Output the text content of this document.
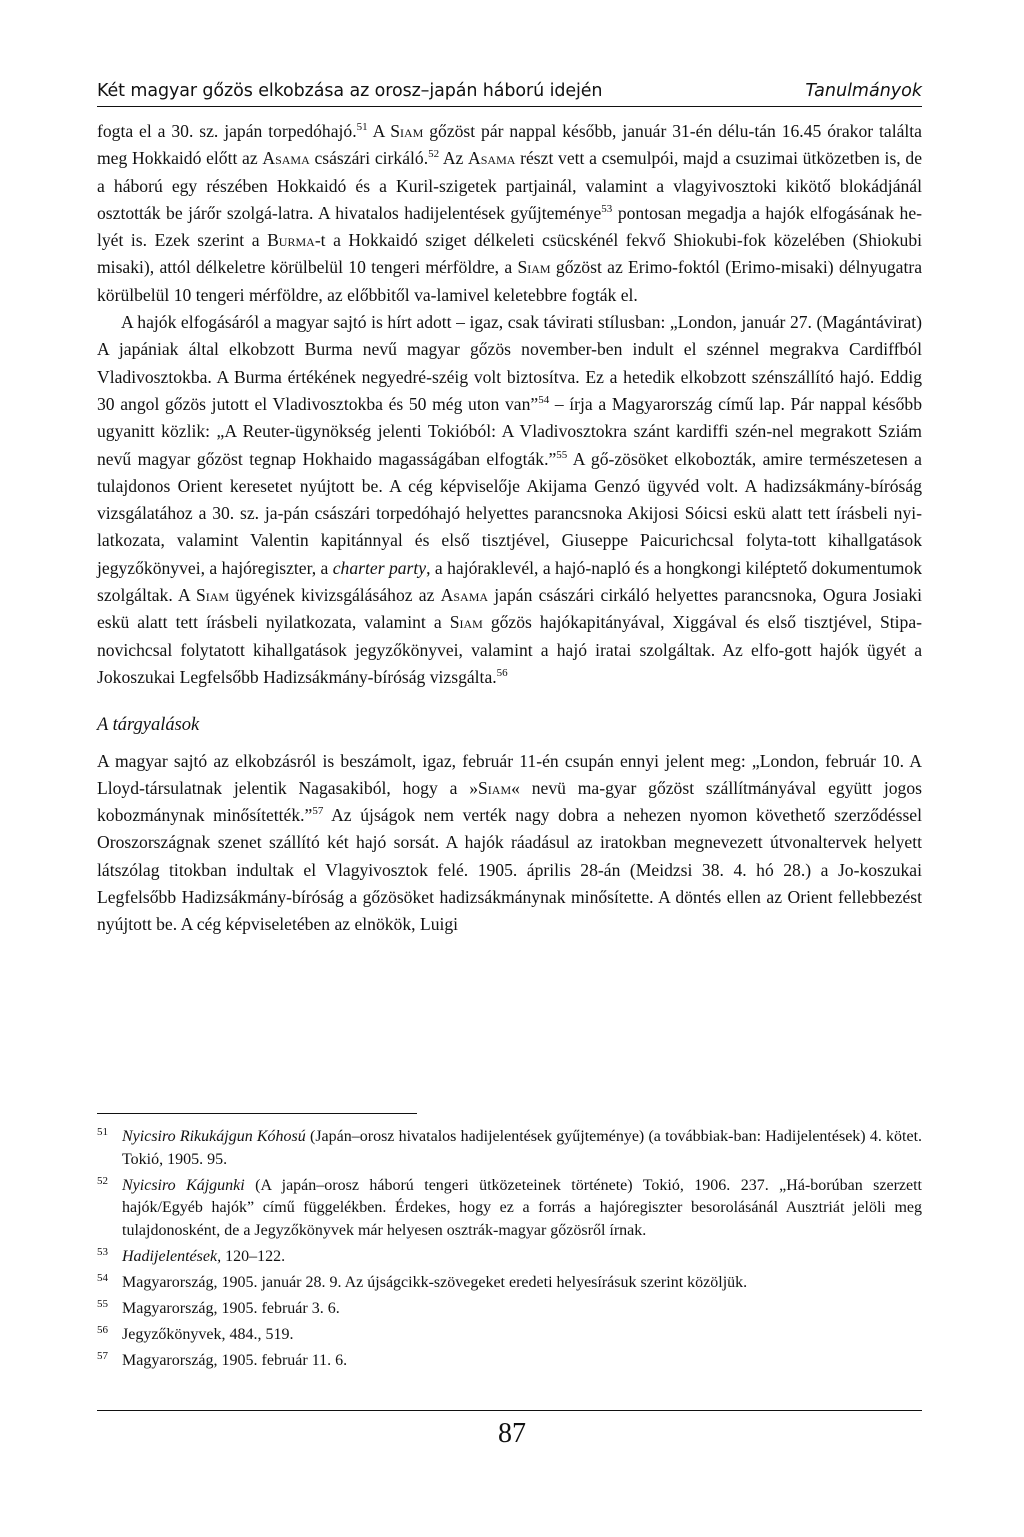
Két magyar gőzös elkobzása az orosz–japán háború idején	Tanulmányok

fogta el a 30. sz. japán torpedóhajó.$^{51}$ A Siam gőzöst pár nappal később, január 31-én délu-tán 16.45 órakor találta meg Hokkaidó előtt az Asama császári cirkáló.$^{52}$ Az Asama részt vett a csemulpói, majd a csuzimai ütközetben is, de a háború egy részében Hokkaidó és a Kuril-szigetek partjainál, valamint a vlagyivosztoki kikötő blokádjánál osztották be járőr szolgá-latra. A hivatalos hadijelentések gyűjteménye$^{53}$ pontosan megadja a hajók elfogásának he-lyét is. Ezek szerint a Burma-t a Hokkaidó sziget délkeleti csücskénél fekvő Shiokubi-fok közelében (Shiokubi misaki), attól délkeletre körülbelül 10 tengeri mérföldre, a Siam gőzöst az Erimo-foktól (Erimo-misaki) délnyugatra körülbelül 10 tengeri mérföldre, az előbbitől va-lamivel keletebbre fogták el.

A hajók elfogásáról a magyar sajtó is hírt adott – igaz, csak távirati stílusban: „London, január 27. (Magántávirat) A japániak által elkobzott Burma nevű magyar gőzös november-ben indult el szénnel megrakva Cardiffból Vladivosztokba. A Burma értékének negyedré-széig volt biztosítva. Ez a hetedik elkobzott szénszállító hajó. Eddig 30 angol gőzös jutott el Vladivosztokba és 50 még uton van”$^{54}$ – írja a Magyarország című lap. Pár nappal később ugyanitt közlik: „A Reuter-ügynökség jelenti Tokióból: A Vladivosztokra szánt kardiffi szén-nel megrakott Sziám nevű magyar gőzöst tegnap Hokhaido magasságában elfogták.”$^{55}$ A gő-zösöket elkobozták, amire természetesen a tulajdonos Orient keresetet nyújtott be. A cég képviselője Akijama Genzó ügyvéd volt. A hadizsákmány-bíróság vizsgálatához a 30. sz. ja-pán császári torpedóhajó helyettes parancsnoka Akijosi Sóicsi eskü alatt tett írásbeli nyi-latkozata, valamint Valentin kapitánnyal és első tisztjével, Giuseppe Paicurichcsal folyta-tott kihallgatások jegyzőkönyvei, a hajóregiszter, a charter party, a hajóraklevél, a hajó-napló és a hongkongi kiléptető dokumentumok szolgáltak. A Siam ügyének kivizsgálásához az Asama japán császári cirkáló helyettes parancsnoka, Ogura Josiaki eskü alatt tett írásbeli nyilatkozata, valamint a Siam gőzös hajókapitányával, Xiggával és első tisztjével, Stipa-novichcsal folytatott kihallgatások jegyzőkönyvei, valamint a hajó iratai szolgáltak. Az elfo-gott hajók ügyét a Jokoszukai Legfelsőbb Hadizsákmány-bíróság vizsgálta.$^{56}$

A tárgyalások

A magyar sajtó az elkobzásról is beszámolt, igaz, február 11-én csupán ennyi jelent meg: „London, február 10. A Lloyd-társulatnak jelentik Nagasakiból, hogy a »Siam« nevü ma-gyar gőzöst szállítmányával együtt jogos kobozmánynak minősítették.”$^{57}$ Az újságok nem verték nagy dobra a nehezen nyomon követhető szerződéssel Oroszországnak szenet szállító két hajó sorsát. A hajók ráadásul az iratokban megnevezett útvonaltervek helyett látszólag titokban indultak el Vlagyivosztok felé. 1905. április 28-án (Meidzsi 38. 4. hó 28.) a Jo-koszukai Legfelsőbb Hadizsákmány-bíróság a gőzösöket hadizsákmánynak minősítette. A döntés ellen az Orient fellebbezést nyújtott be. A cég képviseletében az elnökök, Luigi

51 Nyicsiro Rikukájgun Kóhosú (Japán–orosz hivatalos hadijelentések gyűjteménye) (a továbbiak-ban: Hadijelentések) 4. kötet. Tokió, 1905. 95.
52 Nyicsiro Kájgunki (A japán–orosz háború tengeri ütközeteinek története) Tokió, 1906. 237. „Há-borúban szerzett hajók/Egyéb hajók” című függelékben. Érdekes, hogy ez a forrás a hajóregiszter besorolásánál Ausztriát jelöli meg tulajdonosként, de a Jegyzőkönyvek már helyesen osztrák-magyar gőzösről írnak.
53 Hadijelentések, 120–122.
54 Magyarország, 1905. január 28. 9. Az újságcikk-szövegeket eredeti helyesírásuk szerint közöljük.
55 Magyarország, 1905. február 3. 6.
56 Jegyzőkönyvek, 484., 519.
57 Magyarország, 1905. február 11. 6.
87
